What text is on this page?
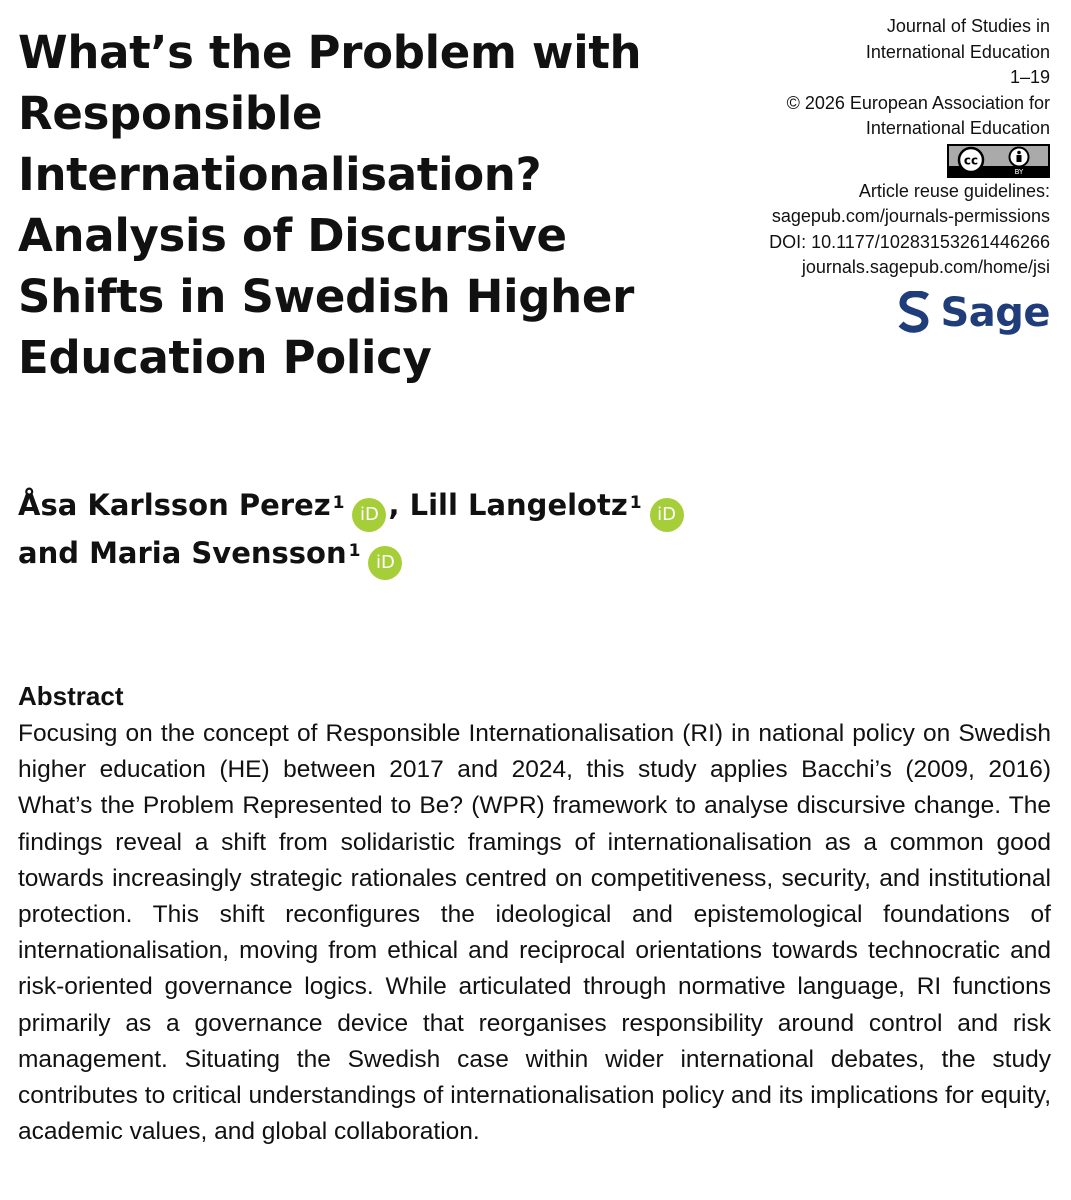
What’s the Problem with Responsible Internationalisation? Analysis of Discursive Shifts in Swedish Higher Education Policy
Journal of Studies in
International Education
1–19
© 2026 European Association for
International Education
cc
BY
Article reuse guidelines:
sagepub.com/journals-permissions
DOI: 10.1177/10283153261446266
journals.sagepub.com/home/jsi
Sage
Åsa Karlsson Perez $^1$iD , Lill Langelotz $^1$iD
and Maria Svensson $^1$iD
Abstract

Focusing on the concept of Responsible Internationalisation (RI) in national policy on Swedish higher education (HE) between 2017 and 2024, this study applies Bacchi’s (2009, 2016) What’s the Problem Represented to Be? (WPR) framework to analyse discursive change. The findings reveal a shift from solidaristic framings of internationalisation as a common good towards increasingly strategic rationales centred on competitiveness, security, and institutional protection. This shift reconfigures the ideological and epistemological foundations of internationalisation, moving from ethical and reciprocal orientations towards technocratic and risk-oriented governance logics. While articulated through normative language, RI functions primarily as a governance device that reorganises responsibility around control and risk management. Situating the Swedish case within wider international debates, the study contributes to critical understandings of internationalisation policy and its implications for equity, academic values, and global collaboration.
